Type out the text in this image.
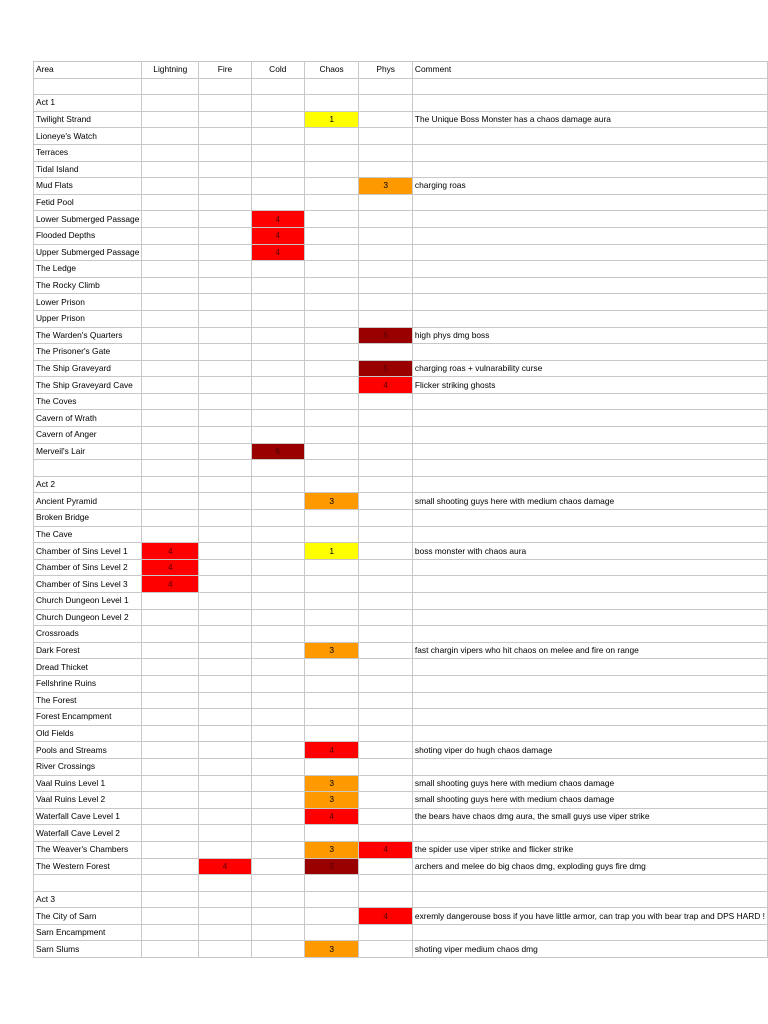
Area	Lightning	Fire	Cold	Chaos	Phys	Comment

Act 1						
Twilight Strand				1		The Unique Boss Monster has a chaos damage aura
Lioneye's Watch						
Terraces						
Tidal Island						
Mud Flats					3	charging roas
Fetid Pool						
Lower Submerged Passage			4			
Flooded Depths			4			
Upper Submerged Passage			4			
The Ledge						
The Rocky Climb						
Lower Prison						
Upper Prison						
The Warden's Quarters					5	high phys dmg boss
The Prisoner's Gate						
The Ship Graveyard					5	charging roas + vulnarability curse
The Ship Graveyard Cave					4	Flicker striking ghosts
The Coves						
Cavern of Wrath						
Cavern of Anger						
Merveil's Lair			6			

Act 2						
Ancient Pyramid				3		small shooting guys here with medium chaos damage
Broken Bridge						
The Cave						
Chamber of Sins Level 1	4			1		boss monster with chaos aura
Chamber of Sins Level 2	4					
Chamber of Sins Level 3	4					
Church Dungeon Level 1						
Church Dungeon Level 2						
Crossroads						
Dark Forest				3		fast chargin vipers who hit chaos on melee and fire on range
Dread Thicket						
Fellshrine Ruins						
The Forest						
Forest Encampment						
Old Fields						
Pools and Streams				4		shoting viper do hugh chaos damage
River Crossings						
Vaal Ruins Level 1				3		small shooting guys here with medium chaos damage
Vaal Ruins Level 2				3		small shooting guys here with medium chaos damage
Waterfall Cave Level 1				4		the bears have chaos dmg aura, the small guys use viper strike
Waterfall Cave Level 2						
The Weaver's Chambers				3	4	the spider use viper strike and flicker strike
The Western Forest		4		5		archers and melee do big chaos dmg, exploding guys fire dmg

Act 3						
The City of Sarn					4	exremly dangerouse boss if you have little armor, can trap you with bear trap and DPS HARD !
Sarn Encampment						
Sarn Slums				3		shoting viper medium chaos dmg
